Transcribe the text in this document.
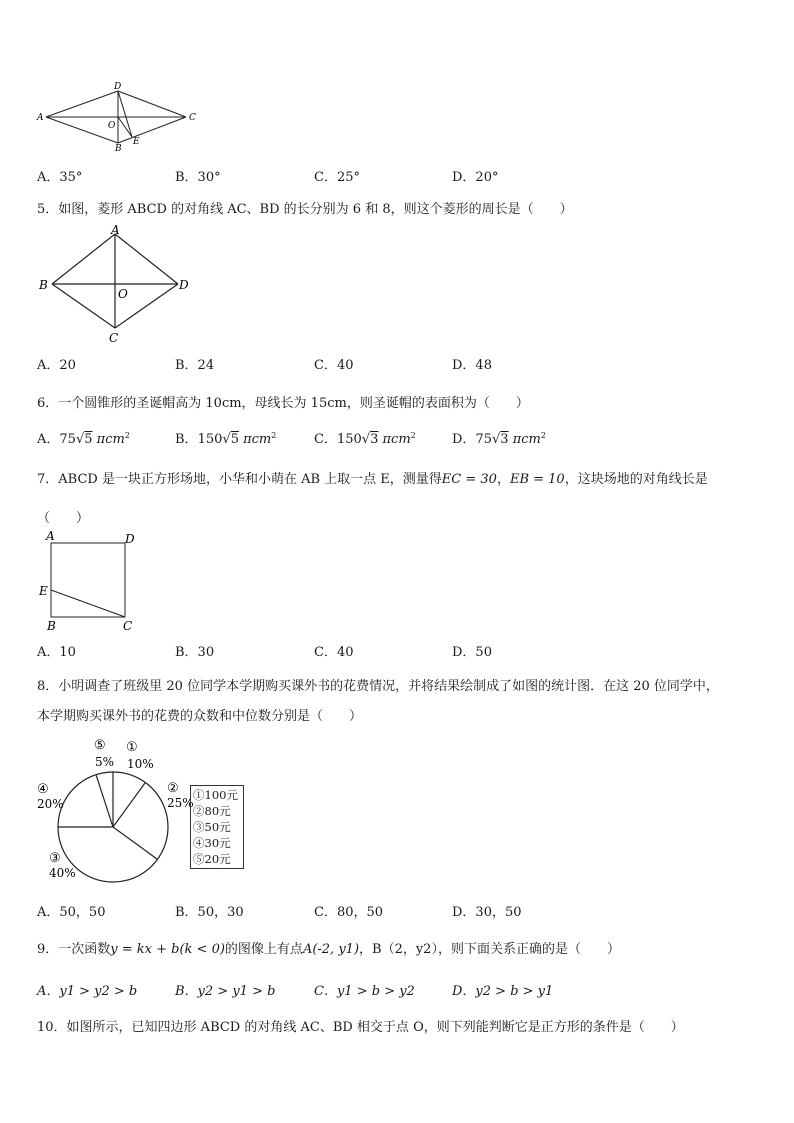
A
D
C
O
B
E
A．35°	B．30°	C．25°	D．20°
5．如图，菱形 ABCD 的对角线 AC、BD 的长分别为 6 和 8，则这个菱形的周长是（　　）
A
B	D
O
C
A．20	B．24	C．40	D．48
6．一个圆锥形的圣诞帽高为 10cm，母线长为 15cm，则圣诞帽的表面积为（　　）
A．75√5 πcm$^2$	B．150√5 πcm$^2$	C．150√3 πcm$^2$	D．75√3 πcm$^2$
7．ABCD 是一块正方形场地，小华和小萌在 AB 上取一点 E，测量得EC = 30，EB = 10，这块场地的对角线长是
（　　）
A	D
E
B	C
A．10	B．30	C．40	D．50
8．小明调查了班级里 20 位同学本学期购买课外书的花费情况，并将结果绘制成了如图的统计图．在这 20 位同学中，
本学期购买课外书的花费的众数和中位数分别是（　　）
⑤
5%
①
10%
②
25%
④
20%
③
40%
①100元
②80元
③50元
④30元
⑤20元
A．50，50	B．50，30	C．80，50	D．30，50
9．一次函数y = kx + b(k < 0)的图像上有点A(-2, y1)，B（2，y2），则下面关系正确的是（　　）
A．y1 > y2 > b	B．y2 > y1 > b	C．y1 > b > y2	D．y2 > b > y1
10．如图所示，已知四边形 ABCD 的对角线 AC、BD 相交于点 O，则下列能判断它是正方形的条件是（　　）
